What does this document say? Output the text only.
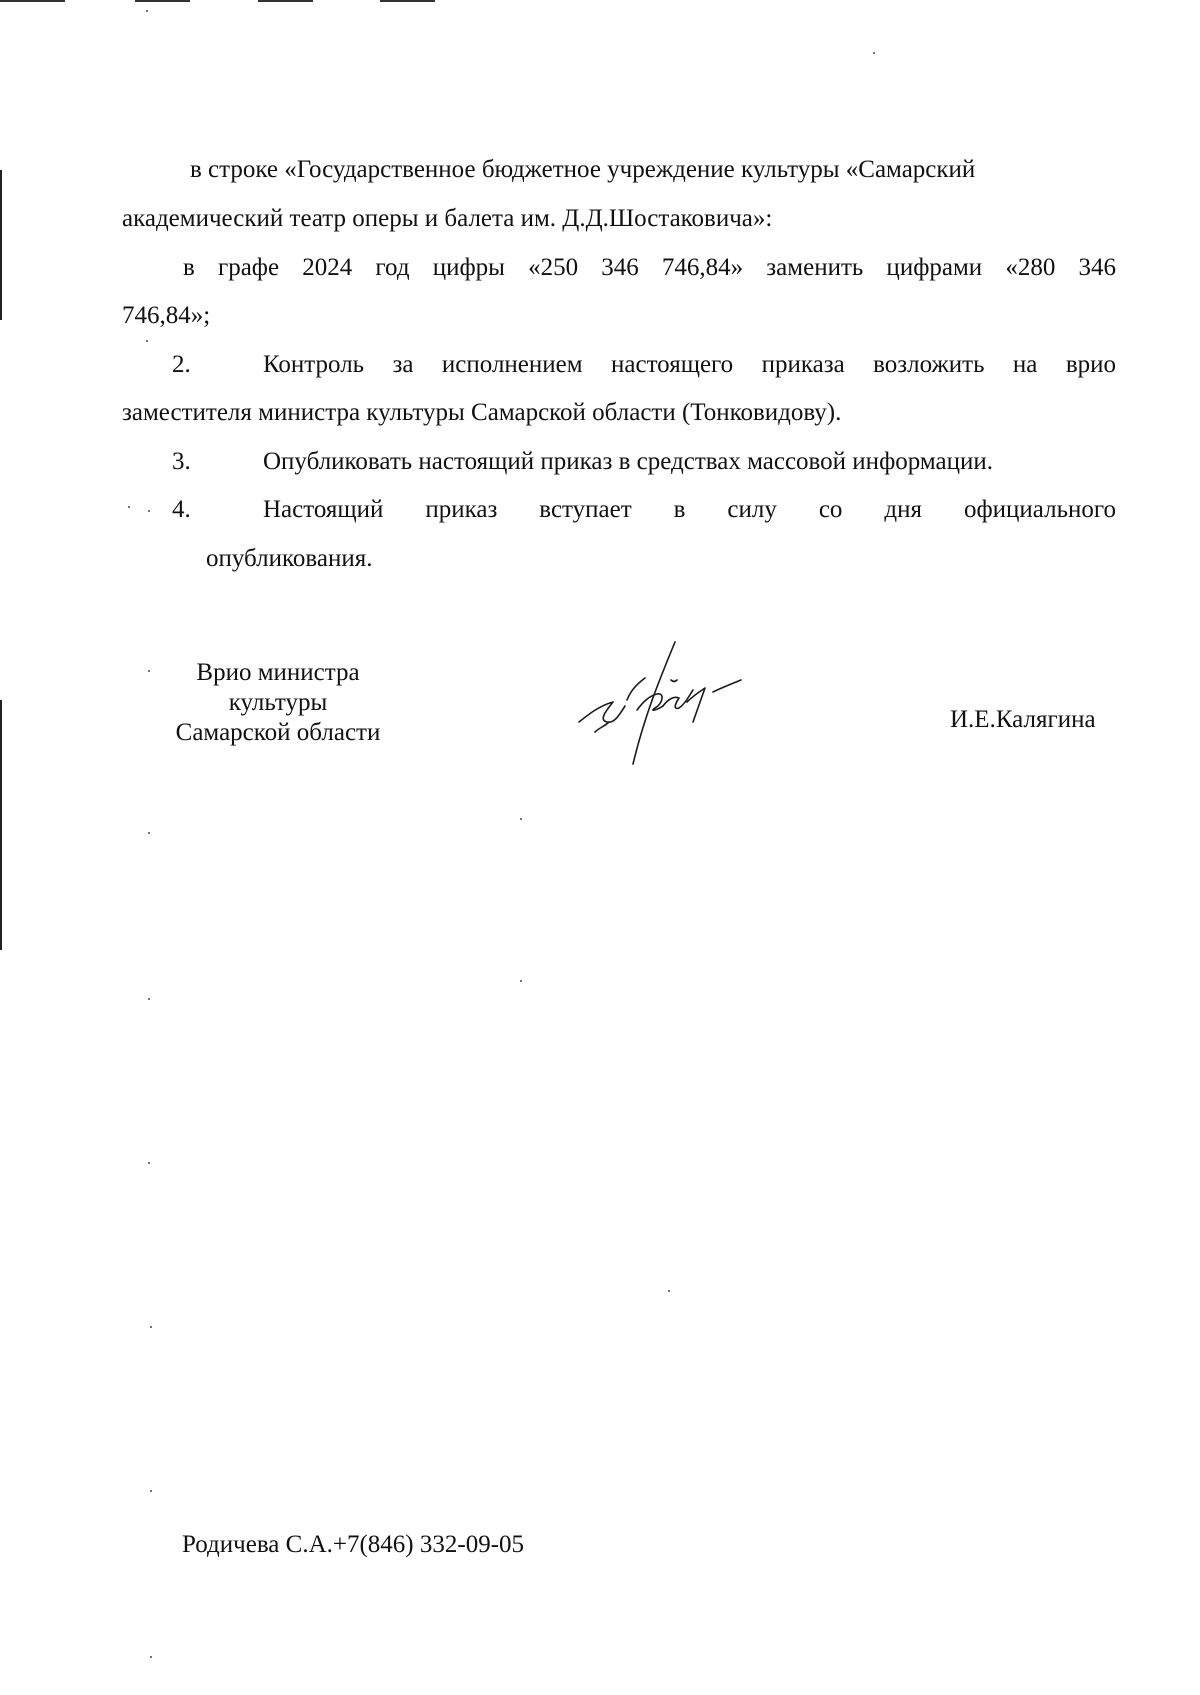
в строке «Государственное бюджетное учреждение культуры «Самарский
академический театр оперы и балета им. Д.Д.Шостаковича»:
в графе 2024 год цифры «250 346 746,84» заменить цифрами «280 346
746,84»;
2.	Контроль за исполнением настоящего приказа возложить на врио
заместителя министра культуры Самарской области (Тонковидову).
3.	Опубликовать настоящий приказ в средствах массовой информации.
4.	Настоящий приказ вступает в силу со дня официального
опубликования.
Врио министра
культуры
Самарской области	И.Е.Калягина
Родичева С.А.+7(846) 332-09-05
